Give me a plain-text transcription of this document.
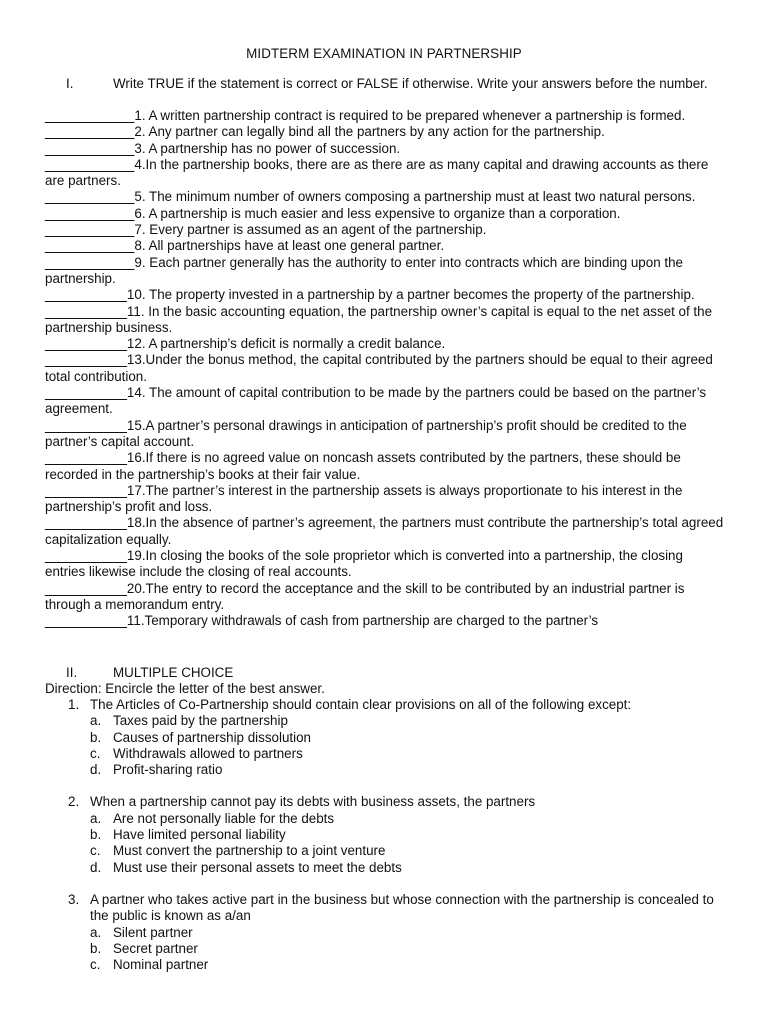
MIDTERM EXAMINATION IN PARTNERSHIP
I.	Write TRUE if the statement is correct or FALSE if otherwise. Write your answers before the number.
____________1. A written partnership contract is required to be prepared whenever a partnership is formed.
____________2. Any partner can legally bind all the partners by any action for the partnership.
____________3. A partnership has no power of succession.
____________4.In the partnership books, there are as there are as many capital and drawing accounts as there are partners.
____________5. The minimum number of owners composing a partnership must at least two natural persons.
____________6. A partnership is much easier and less expensive to organize than a corporation.
____________7. Every partner is assumed as an agent of the partnership.
____________8. All partnerships have at least one general partner.
____________9. Each partner generally has the authority to enter into contracts which are binding upon the partnership.
___________10. The property invested in a partnership by a partner becomes the property of the partnership.
___________11. In the basic accounting equation, the partnership owner’s capital is equal to the net asset of the partnership business.
___________12. A partnership’s deficit is normally a credit balance.
___________13.Under the bonus method, the capital contributed by the partners should be equal to their agreed total contribution.
___________14. The amount of capital contribution to be made by the partners could be based on the partner’s agreement.
___________15.A partner’s personal drawings in anticipation of partnership’s profit should be credited to the partner’s capital account.
___________16.If there is no agreed value on noncash assets contributed by the partners, these should be recorded in the partnership’s books at their fair value.
___________17.The partner’s interest in the partnership assets is always proportionate to his interest in the partnership’s profit and loss.
___________18.In the absence of partner’s agreement, the partners must contribute the partnership’s total agreed capitalization equally.
___________19.In closing the books of the sole proprietor which is converted into a partnership, the closing entries likewise include the closing of real accounts.
___________20.The entry to record the acceptance and the skill to be contributed by an industrial partner is through a memorandum entry.
___________11.Temporary withdrawals of cash from partnership are charged to the partner’s
II.	MULTIPLE CHOICE
Direction: Encircle the letter of the best answer.
1. The Articles of Co-Partnership should contain clear provisions on all of the following except:
a. Taxes paid by the partnership
b. Causes of partnership dissolution
c. Withdrawals allowed to partners
d. Profit-sharing ratio
2. When a partnership cannot pay its debts with business assets, the partners
a. Are not personally liable for the debts
b. Have limited personal liability
c. Must convert the partnership to a joint venture
d. Must use their personal assets to meet the debts
3. A partner who takes active part in the business but whose connection with the partnership is concealed to the public is known as a/an
a. Silent partner
b. Secret partner
c. Nominal partner
